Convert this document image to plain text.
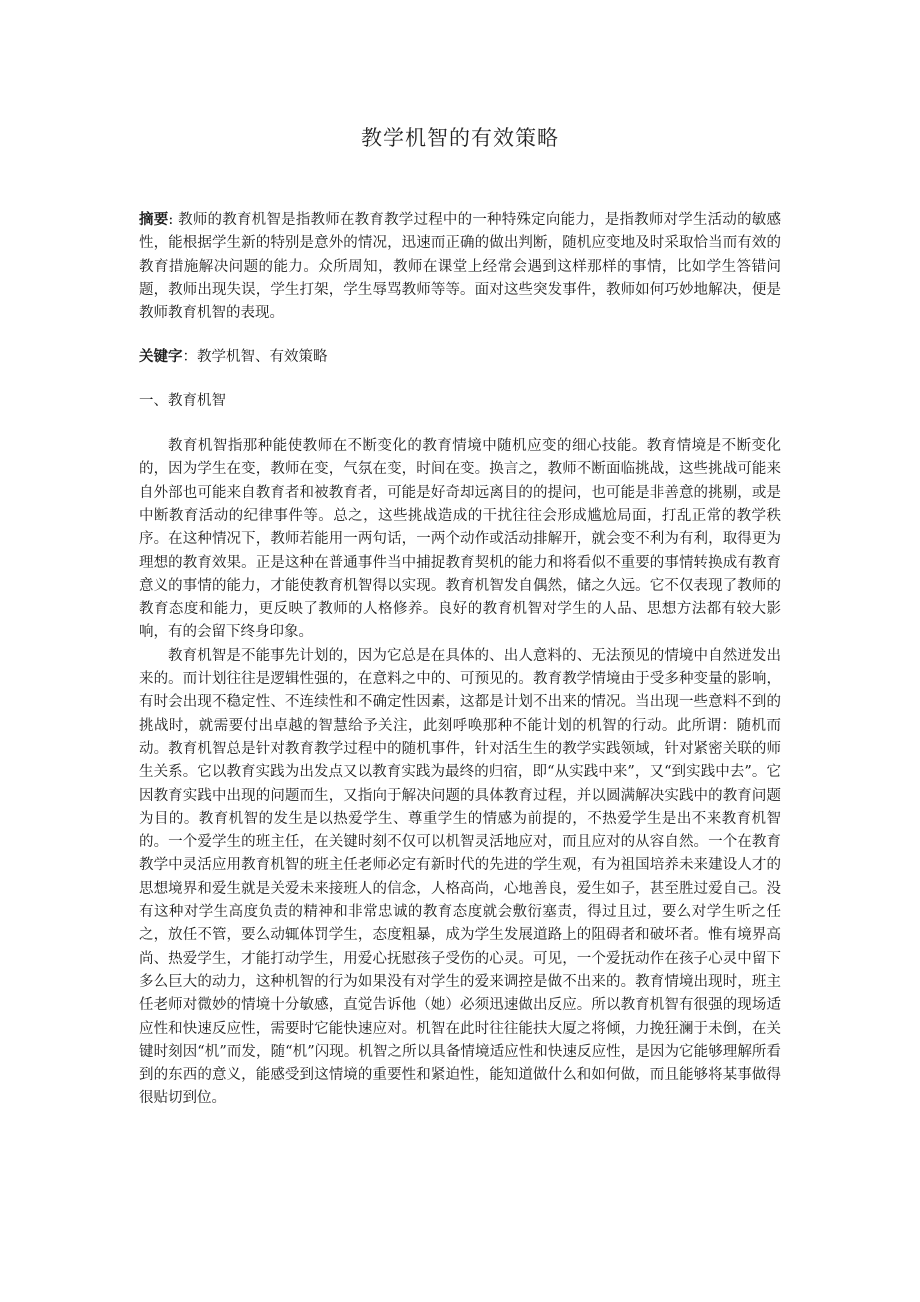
教学机智的有效策略

摘要: 教师的教育机智是指教师在教育教学过程中的一种特殊定向能力，是指教师对学生活动的敏感性，能根据学生新的特别是意外的情况，迅速而正确的做出判断，随机应变地及时采取恰当而有效的教育措施解决问题的能力。众所周知，教师在课堂上经常会遇到这样那样的事情，比如学生答错问题，教师出现失误，学生打架，学生辱骂教师等等。面对这些突发事件，教师如何巧妙地解决，便是教师教育机智的表现。

关键字：教学机智、有效策略

一、教育机智

教育机智指那种能使教师在不断变化的教育情境中随机应变的细心技能。教育情境是不断变化的，因为学生在变，教师在变，气氛在变，时间在变。换言之，教师不断面临挑战，这些挑战可能来自外部也可能来自教育者和被教育者，可能是好奇却远离目的的提问，也可能是非善意的挑剔，或是中断教育活动的纪律事件等。总之，这些挑战造成的干扰往往会形成尴尬局面，打乱正常的教学秩序。在这种情况下，教师若能用一两句话，一两个动作或活动排解开，就会变不利为有利，取得更为理想的教育效果。正是这种在普通事件当中捕捉教育契机的能力和将看似不重要的事情转换成有教育意义的事情的能力，才能使教育机智得以实现。教育机智发自偶然，储之久远。它不仅表现了教师的教育态度和能力，更反映了教师的人格修养。良好的教育机智对学生的人品、思想方法都有较大影响，有的会留下终身印象。

教育机智是不能事先计划的，因为它总是在具体的、出人意料的、无法预见的情境中自然迸发出来的。而计划往往是逻辑性强的，在意料之中的、可预见的。教育教学情境由于受多种变量的影响，有时会出现不稳定性、不连续性和不确定性因素，这都是计划不出来的情况。当出现一些意料不到的挑战时，就需要付出卓越的智慧给予关注，此刻呼唤那种不能计划的机智的行动。此所谓：随机而动。教育机智总是针对教育教学过程中的随机事件，针对活生生的教学实践领域，针对紧密关联的师生关系。它以教育实践为出发点又以教育实践为最终的归宿，即“从实践中来”，又“到实践中去”。它因教育实践中出现的问题而生，又指向于解决问题的具体教育过程，并以圆满解决实践中的教育问题为目的。教育机智的发生是以热爱学生、尊重学生的情感为前提的，不热爱学生是出不来教育机智的。一个爱学生的班主任，在关键时刻不仅可以机智灵活地应对，而且应对的从容自然。一个在教育教学中灵活应用教育机智的班主任老师必定有新时代的先进的学生观，有为祖国培养未来建设人才的思想境界和爱生就是关爱未来接班人的信念，人格高尚，心地善良，爱生如子，甚至胜过爱自己。没有这种对学生高度负责的精神和非常忠诚的教育态度就会敷衍塞责，得过且过，要么对学生听之任之，放任不管，要么动辄体罚学生，态度粗暴，成为学生发展道路上的阻碍者和破坏者。惟有境界高尚、热爱学生，才能打动学生，用爱心抚慰孩子受伤的心灵。可见，一个爱抚动作在孩子心灵中留下多么巨大的动力，这种机智的行为如果没有对学生的爱来调控是做不出来的。教育情境出现时，班主任老师对微妙的情境十分敏感，直觉告诉他（她）必须迅速做出反应。所以教育机智有很强的现场适应性和快速反应性，需要时它能快速应对。机智在此时往往能扶大厦之将倾，力挽狂澜于未倒，在关键时刻因“机”而发，随“机”闪现。机智之所以具备情境适应性和快速反应性，是因为它能够理解所看到的东西的意义，能感受到这情境的重要性和紧迫性，能知道做什么和如何做，而且能够将某事做得很贴切到位。
